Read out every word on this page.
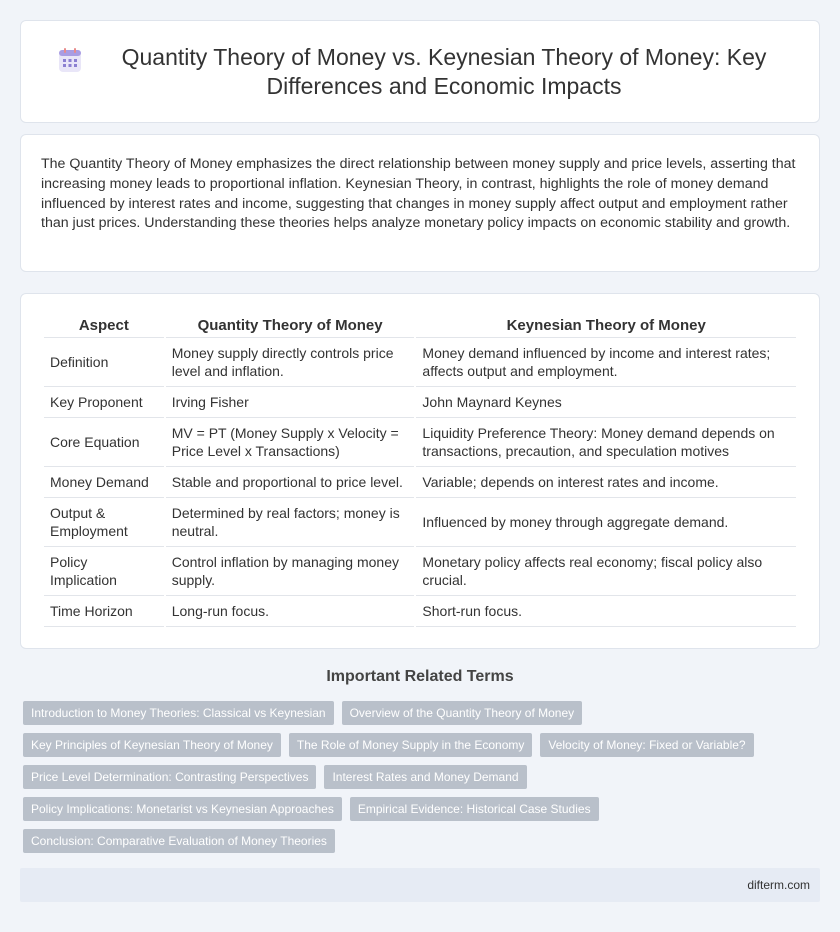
Quantity Theory of Money vs. Keynesian Theory of Money: Key Differences and Economic Impacts

The Quantity Theory of Money emphasizes the direct relationship between money supply and price levels, asserting that increasing money leads to proportional inflation. Keynesian Theory, in contrast, highlights the role of money demand influenced by interest rates and income, suggesting that changes in money supply affect output and employment rather than just prices. Understanding these theories helps analyze monetary policy impacts on economic stability and growth.

Aspect	Quantity Theory of Money	Keynesian Theory of Money
Definition	Money supply directly controls price level and inflation.	Money demand influenced by income and interest rates; affects output and employment.
Key Proponent	Irving Fisher	John Maynard Keynes
Core Equation	MV = PT (Money Supply x Velocity = Price Level x Transactions)	Liquidity Preference Theory: Money demand depends on transactions, precaution, and speculation motives
Money Demand	Stable and proportional to price level.	Variable; depends on interest rates and income.
Output & Employment	Determined by real factors; money is neutral.	Influenced by money through aggregate demand.
Policy Implication	Control inflation by managing money supply.	Monetary policy affects real economy; fiscal policy also crucial.
Time Horizon	Long-run focus.	Short-run focus.
Important Related Terms
Introduction to Money Theories: Classical vs Keynesian	Overview of the Quantity Theory of Money
Key Principles of Keynesian Theory of Money	The Role of Money Supply in the Economy	Velocity of Money: Fixed or Variable?
Price Level Determination: Contrasting Perspectives	Interest Rates and Money Demand
Policy Implications: Monetarist vs Keynesian Approaches	Empirical Evidence: Historical Case Studies
Conclusion: Comparative Evaluation of Money Theories
difterm.com
